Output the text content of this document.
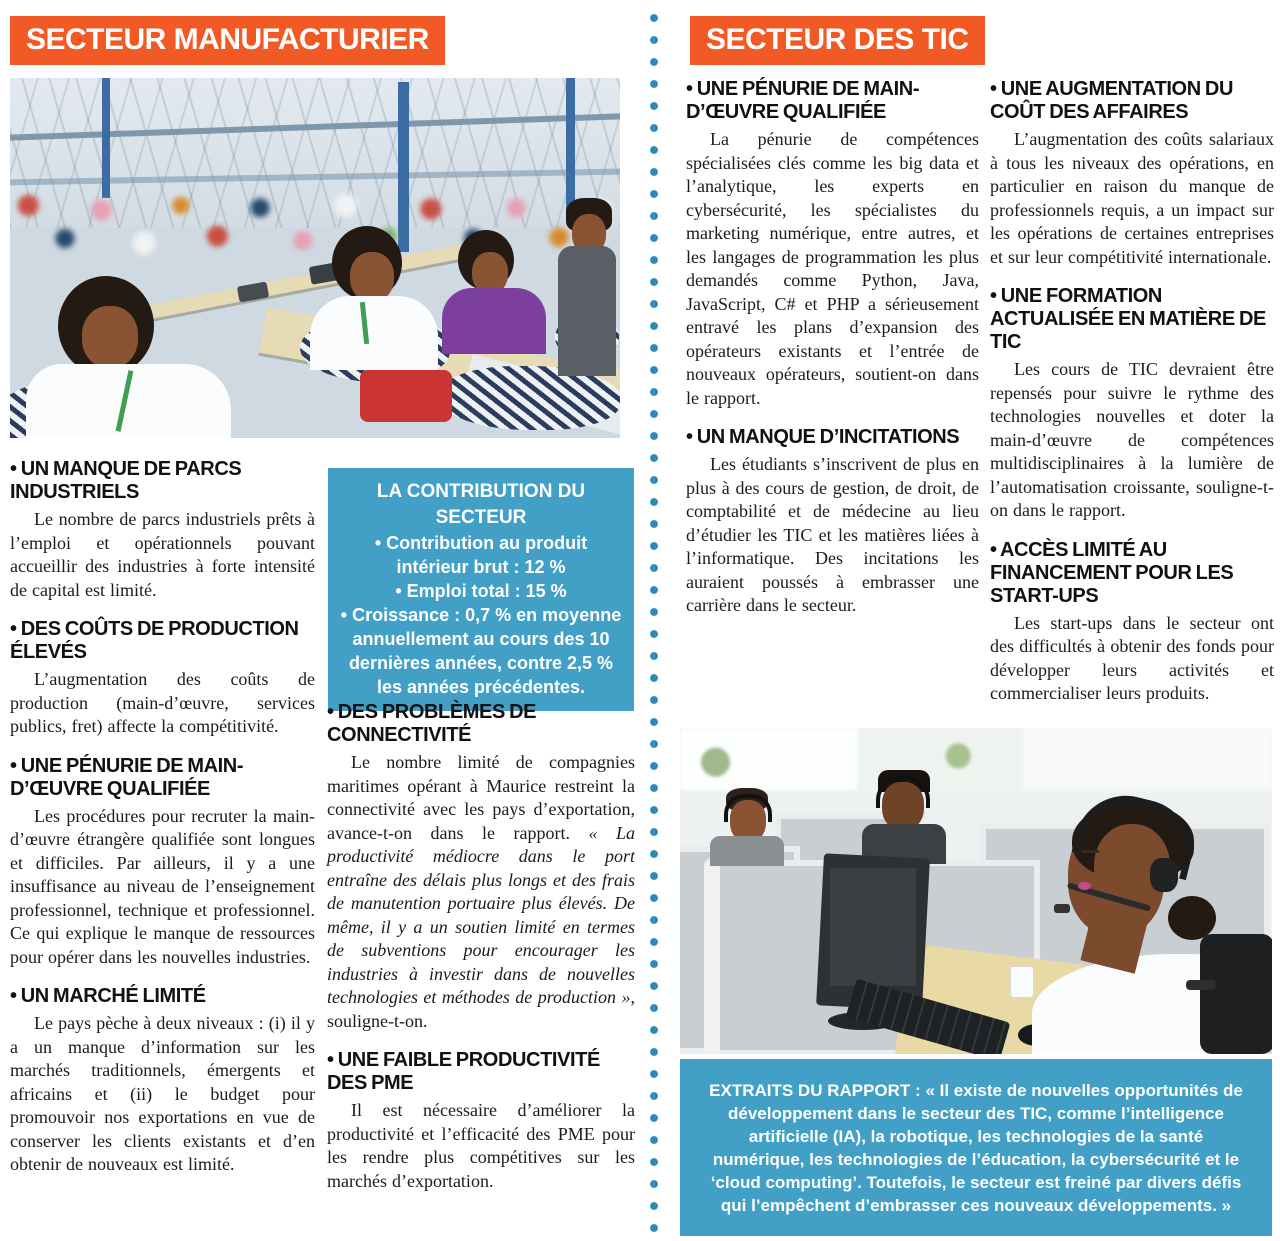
SECTEUR MANUFACTURIER
• UN MANQUE DE PARCS INDUSTRIELS

Le nombre de parcs industriels prêts à l’emploi et opérationnels pouvant accueillir des industries à forte intensité de capital est limité.

• DES COÛTS DE PRODUCTION ÉLEVÉS

L’augmentation des coûts de production (main-d’œuvre, services publics, fret) affecte la compétitivité.

• UNE PÉNURIE DE MAIN-D’ŒUVRE QUALIFIÉE

Les procédures pour recruter la main-d’œuvre étrangère qualifiée sont longues et difficiles. Par ailleurs, il y a une insuffisance au niveau de l’enseignement professionnel, technique et professionnel. Ce qui explique le manque de ressources pour opérer dans les nouvelles industries.

• UN MARCHÉ LIMITÉ

Le pays pèche à deux niveaux : (i) il y a un manque d’information sur les marchés traditionnels, émergents et africains et (ii) le budget pour promouvoir nos exportations en vue de conserver les clients existants et d’en obtenir de nouveaux est limité.

LA CONTRIBUTION DU SECTEUR
• Contribution au produit intérieur brut : 12 %
• Emploi total : 15 %
• Croissance : 0,7 % en moyenne annuellement au cours des 10 dernières années, contre 2,5 % les années précédentes.
• DES PROBLÈMES DE CONNECTIVITÉ

Le nombre limité de compagnies maritimes opérant à Maurice restreint la connectivité avec les pays d’exportation, avance-t-on dans le rapport. « La productivité médiocre dans le port entraîne des délais plus longs et des frais de manutention portuaire plus élevés. De même, il y a un soutien limité en termes de subventions pour encourager les industries à investir dans de nouvelles technologies et méthodes de production », souligne-t-on.

• UNE FAIBLE PRODUCTIVITÉ DES PME

Il est nécessaire d’améliorer la productivité et l’efficacité des PME pour les rendre plus compétitives sur les marchés d’exportation.

SECTEUR DES TIC
• UNE PÉNURIE DE MAIN-D’ŒUVRE QUALIFIÉE

La pénurie de compétences spécialisées clés comme les big data et l’analytique, les experts en cybersécurité, les spécialistes du marketing numérique, entre autres, et les langages de programmation les plus demandés comme Python, Java, JavaScript, C# et PHP a sérieusement entravé les plans d’expansion des opérateurs existants et l’entrée de nouveaux opérateurs, soutient-on dans le rapport.

• UN MANQUE D’INCITATIONS

Les étudiants s’inscrivent de plus en plus à des cours de gestion, de droit, de comptabilité et de médecine au lieu d’étudier les TIC et les matières liées à l’informatique. Des incitations les auraient poussés à embrasser une carrière dans le secteur.

• UNE AUGMENTATION DU COÛT DES AFFAIRES

L’augmentation des coûts salariaux à tous les niveaux des opérations, en particulier en raison du manque de professionnels requis, a un impact sur les opérations de certaines entreprises et sur leur compétitivité internationale.

• UNE FORMATION ACTUALISÉE EN MATIÈRE DE TIC

Les cours de TIC devraient être repensés pour suivre le rythme des technologies nouvelles et doter la main-d’œuvre de compétences multidisciplinaires à la lumière de l’automatisation croissante, souligne-t-on dans le rapport.

• ACCÈS LIMITÉ AU FINANCEMENT POUR LES START-UPS

Les start-ups dans le secteur ont des difficultés à obtenir des fonds pour développer leurs activités et commercialiser leurs produits.

EXTRAITS DU RAPPORT : « Il existe de nouvelles opportunités de développement dans le secteur des TIC, comme l’intelligence artificielle (IA), la robotique, les technologies de la santé numérique, les technologies de l’éducation, la cybersécurité et le ‘cloud computing’. Toutefois, le secteur est freiné par divers défis qui l’empêchent d’embrasser ces nouveaux développements. »
